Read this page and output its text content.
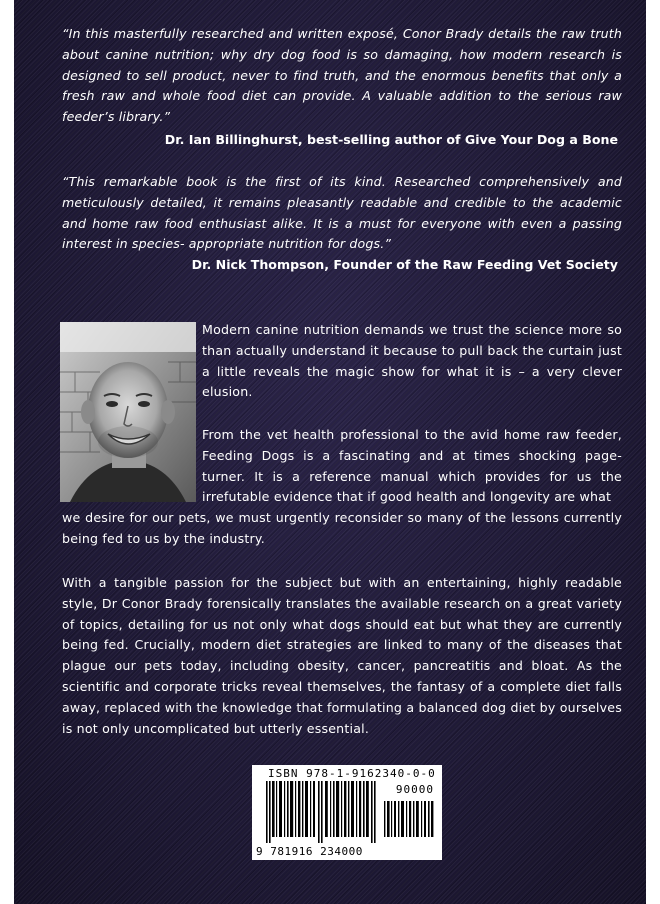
“In this masterfully researched and written exposé, Conor Brady details the raw truth about canine nutrition; why dry dog food is so damaging, how modern research is designed to sell product, never to find truth, and the enormous benefits that only a fresh raw and whole food diet can provide. A valuable addition to the serious raw feeder’s library.”
Dr. Ian Billinghurst, best-selling author of Give Your Dog a Bone
“This remarkable book is the first of its kind. Researched comprehensively and meticulously detailed, it remains pleasantly readable and credible to the academic and home raw food enthusiast alike. It is a must for everyone with even a passing interest in species- appropriate nutrition for dogs.”
Dr. Nick Thompson, Founder of the Raw Feeding Vet Society
Modern canine nutrition demands we trust the science more so than actually understand it because to pull back the curtain just a little reveals the magic show for what it is – a very clever elusion.
From the vet health professional to the avid home raw feeder, Feeding Dogs is a fascinating and at times shocking page-turner. It is a reference manual which provides for us the irrefutable evidence that if good health and longevity are what
we desire for our pets, we must urgently reconsider so many of the lessons currently being fed to us by the industry.
With a tangible passion for the subject but with an entertaining, highly readable style, Dr Conor Brady forensically translates the available research on a great variety of topics, detailing for us not only what dogs should eat but what they are currently being fed. Crucially, modern diet strategies are linked to many of the diseases that plague our pets today, including obesity, cancer, pancreatitis and bloat. As the scientific and corporate tricks reveal themselves, the fantasy of a complete diet falls away, replaced with the knowledge that formulating a balanced dog diet by ourselves is not only uncomplicated but utterly essential.
ISBN 978-1-9162340-0-0
90000
9 781916 234000
